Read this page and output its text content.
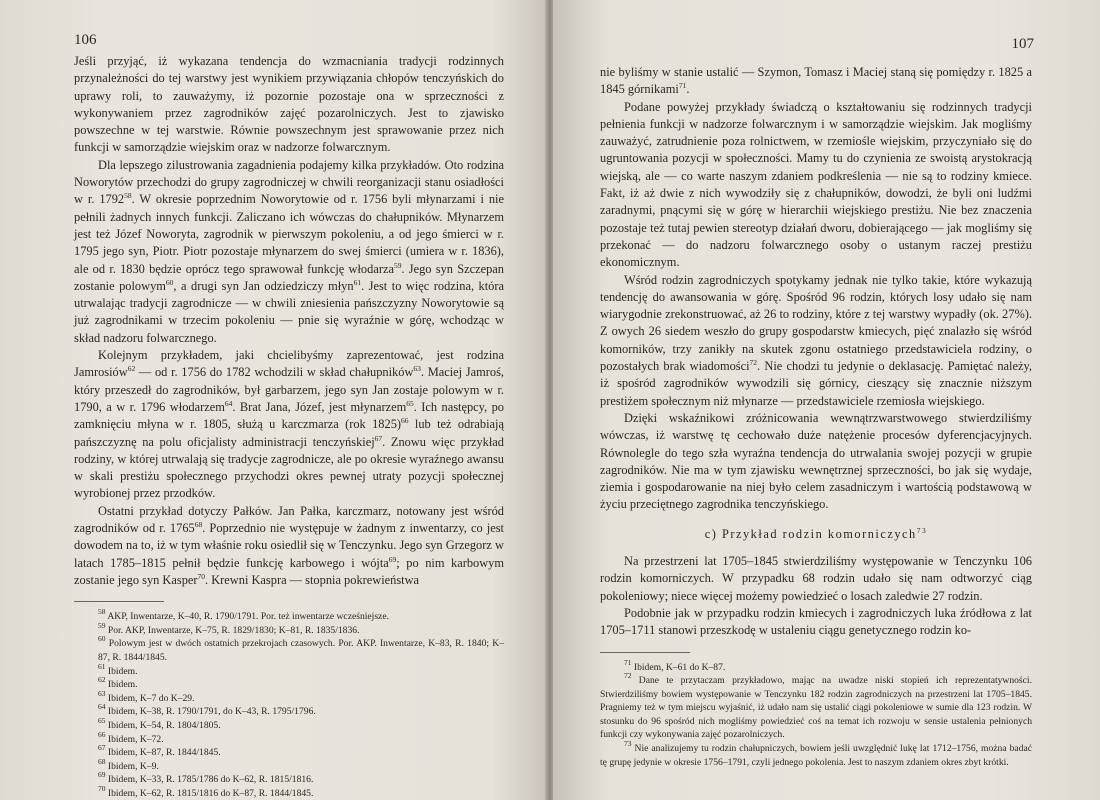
106

Jeśli przyjąć, iż wykazana tendencja do wzmacniania tradycji rodzinnych przynależności do tej warstwy jest wynikiem przywiązania chłopów tenczyńskich do uprawy roli, to zauważymy, iż pozornie pozostaje ona w sprzeczności z wykonywaniem przez zagrodników zajęć pozarolniczych. Jest to zjawisko powszechne w tej warstwie. Równie powszechnym jest sprawowanie przez nich funkcji w samorządzie wiejskim oraz w nadzorze folwarcznym.

Dla lepszego zilustrowania zagadnienia podajemy kilka przykładów. Oto rodzina Noworytów przechodzi do grupy zagrodniczej w chwili reorganizacji stanu osiadłości w r. 1792$^{58}$. W okresie poprzednim Noworytowie od r. 1756 byli młynarzami i nie pełnili żadnych innych funkcji. Zaliczano ich wówczas do chałupników. Młynarzem jest też Józef Noworyta, zagrodnik w pierwszym pokoleniu, a od jego śmierci w r. 1795 jego syn, Piotr. Piotr pozostaje młynarzem do swej śmierci (umiera w r. 1836), ale od r. 1830 będzie oprócz tego sprawował funkcję włodarza$^{59}$. Jego syn Szczepan zostanie polowym$^{60}$, a drugi syn Jan odziedziczy młyn$^{61}$. Jest to więc rodzina, która utrwalając tradycji zagrodnicze — w chwili zniesienia pańszczyzny Noworytowie są już zagrodnikami w trzecim pokoleniu — pnie się wyraźnie w górę, wchodząc w skład nadzoru folwarcznego.

Kolejnym przykładem, jaki chcielibyśmy zaprezentować, jest rodzina Jamrosiów$^{62}$ — od r. 1756 do 1782 wchodzili w skład chałupników$^{63}$. Maciej Jamroś, który przeszedł do zagrodników, był garbarzem, jego syn Jan zostaje polowym w r. 1790, a w r. 1796 włodarzem$^{64}$. Brat Jana, Józef, jest młynarzem$^{65}$. Ich następcy, po zamknięciu młyna w r. 1805, służą u karczmarza (rok 1825)$^{66}$ lub też odrabiają pańszczyznę na polu oficjalisty administracji tenczyńskiej$^{67}$. Znowu więc przykład rodziny, w której utrwalają się tradycje zagrodnicze, ale po okresie wyraźnego awansu w skali prestiżu społecznego przychodzi okres pewnej utraty pozycji społecznej wyrobionej przez przodków.

Ostatni przykład dotyczy Pałków. Jan Pałka, karczmarz, notowany jest wśród zagrodników od r. 1765$^{68}$. Poprzednio nie występuje w żadnym z inwentarzy, co jest dowodem na to, iż w tym właśnie roku osiedlił się w Tenczynku. Jego syn Grzegorz w latach 1785–1815 pełnił będzie funkcję karbowego i wójta$^{69}$; po nim karbowym zostanie jego syn Kasper$^{70}$. Krewni Kaspra — stopnia pokrewieństwa

$^{58}$ AKP, Inwentarze, K–40, R. 1790/1791. Por. też inwentarze wcześniejsze.

$^{59}$ Por. AKP, Inwentarze, K–75, R. 1829/1830; K–81, R. 1835/1836.

$^{60}$ Polowym jest w dwóch ostatnich przekrojach czasowych. Por. AKP. Inwentarze, K–83, R. 1840; K–87, R. 1844/1845.

$^{61}$ Ibidem.

$^{62}$ Ibidem.

$^{63}$ Ibidem, K–7 do K–29.

$^{64}$ Ibidem, K–38, R. 1790/1791, do K–43, R. 1795/1796.

$^{65}$ Ibidem, K–54, R. 1804/1805.

$^{66}$ Ibidem, K–72.

$^{67}$ Ibidem, K–87, R. 1844/1845.

$^{68}$ Ibidem, K–9.

$^{69}$ Ibidem, K–33, R. 1785/1786 do K–62, R. 1815/1816.

$^{70}$ Ibidem, K–62, R. 1815/1816 do K–87, R. 1844/1845.

107

nie byliśmy w stanie ustalić — Szymon, Tomasz i Maciej staną się pomiędzy r. 1825 a 1845 górnikami$^{71}$.

Podane powyżej przykłady świadczą o kształtowaniu się rodzinnych tradycji pełnienia funkcji w nadzorze folwarcznym i w samorządzie wiejskim. Jak mogliśmy zauważyć, zatrudnienie poza rolnictwem, w rzemiośle wiejskim, przyczyniało się do ugruntowania pozycji w społeczności. Mamy tu do czynienia ze swoistą arystokracją wiejską, ale — co warte naszym zdaniem podkreślenia — nie są to rodziny kmiece. Fakt, iż aż dwie z nich wywodziły się z chałupników, dowodzi, że byli oni ludźmi zaradnymi, pnącymi się w górę w hierarchii wiejskiego prestiżu. Nie bez znaczenia pozostaje też tutaj pewien stereotyp działań dworu, dobierającego — jak mogliśmy się przekonać — do nadzoru folwarcznego osoby o ustanym raczej prestiżu ekonomicznym.

Wśród rodzin zagrodniczych spotykamy jednak nie tylko takie, które wykazują tendencję do awansowania w górę. Spośród 96 rodzin, których losy udało się nam wiarygodnie zrekonstruować, aż 26 to rodziny, które z tej warstwy wypadły (ok. 27%). Z owych 26 siedem weszło do grupy gospodarstw kmiecych, pięć znalazło się wśród komorników, trzy zanikły na skutek zgonu ostatniego przedstawiciela rodziny, o pozostałych brak wiadomości$^{72}$. Nie chodzi tu jedynie o deklasację. Pamiętać należy, iż spośród zagrodników wywodzili się górnicy, cieszący się znacznie niższym prestiżem społecznym niż młynarze — przedstawiciele rzemiosła wiejskiego.

Dzięki wskaźnikowi zróżnicowania wewnątrzwarstwowego stwierdziliśmy wówczas, iż warstwę tę cechowało duże natężenie procesów dyferencjacyjnych. Równolegle do tego szła wyraźna tendencja do utrwalania swojej pozycji w grupie zagrodników. Nie ma w tym zjawisku wewnętrznej sprzeczności, bo jak się wydaje, ziemia i gospodarowanie na niej było celem zasadniczym i wartością podstawową w życiu przeciętnego zagrodnika tenczyńskiego.

c) Przykład rodzin komorniczych$^{73}$

Na przestrzeni lat 1705–1845 stwierdziliśmy występowanie w Tenczynku 106 rodzin komorniczych. W przypadku 68 rodzin udało się nam odtworzyć ciąg pokoleniowy; niece więcej możemy powiedzieć o losach zaledwie 27 rodzin.

Podobnie jak w przypadku rodzin kmiecych i zagrodniczych luka źródłowa z lat 1705–1711 stanowi przeszkodę w ustaleniu ciągu genetycznego rodzin ko-

$^{71}$ Ibidem, K–61 do K–87.

$^{72}$ Dane te przytaczam przykładowo, mając na uwadze niski stopień ich reprezentatywności. Stwierdziliśmy bowiem występowanie w Tenczynku 182 rodzin zagrodniczych na przestrzeni lat 1705–1845. Pragniemy też w tym miejscu wyjaśnić, iż udało nam się ustalić ciągi pokoleniowe w sumie dla 123 rodzin. W stosunku do 96 spośród nich mogliśmy powiedzieć coś na temat ich rozwoju w sensie ustalenia pełnionych funkcji czy wykonywania zajęć pozarolniczych.

$^{73}$ Nie analizujemy tu rodzin chałupniczych, bowiem jeśli uwzględnić lukę lat 1712–1756, można badać tę grupę jedynie w okresie 1756–1791, czyli jednego pokolenia. Jest to naszym zdaniem okres zbyt krótki.
